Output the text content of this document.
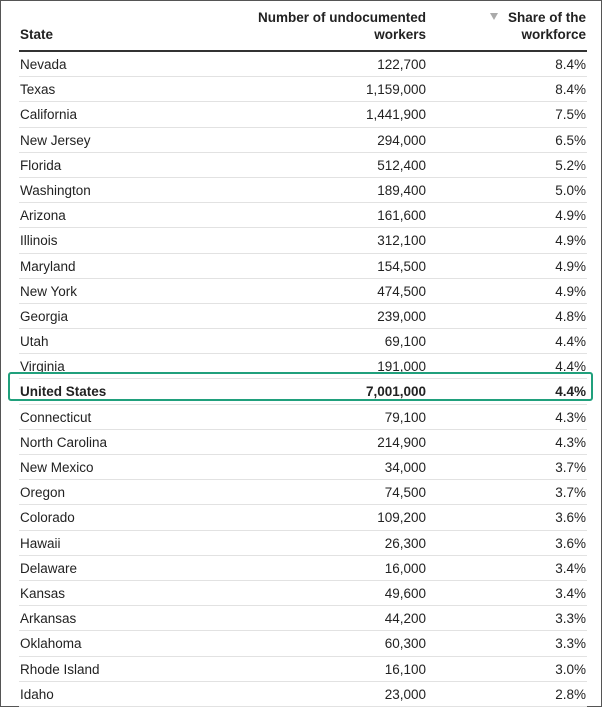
State
Number of undocumented
workers
Share of the
workforce
Nevada	122,700	8.4%
Texas	1,159,000	8.4%
California	1,441,900	7.5%
New Jersey	294,000	6.5%
Florida	512,400	5.2%
Washington	189,400	5.0%
Arizona	161,600	4.9%
Illinois	312,100	4.9%
Maryland	154,500	4.9%
New York	474,500	4.9%
Georgia	239,000	4.8%
Utah	69,100	4.4%
Virginia	191,000	4.4%
United States	7,001,000	4.4%
Connecticut	79,100	4.3%
North Carolina	214,900	4.3%
New Mexico	34,000	3.7%
Oregon	74,500	3.7%
Colorado	109,200	3.6%
Hawaii	26,300	3.6%
Delaware	16,000	3.4%
Kansas	49,600	3.4%
Arkansas	44,200	3.3%
Oklahoma	60,300	3.3%
Rhode Island	16,100	3.0%
Idaho	23,000	2.8%
